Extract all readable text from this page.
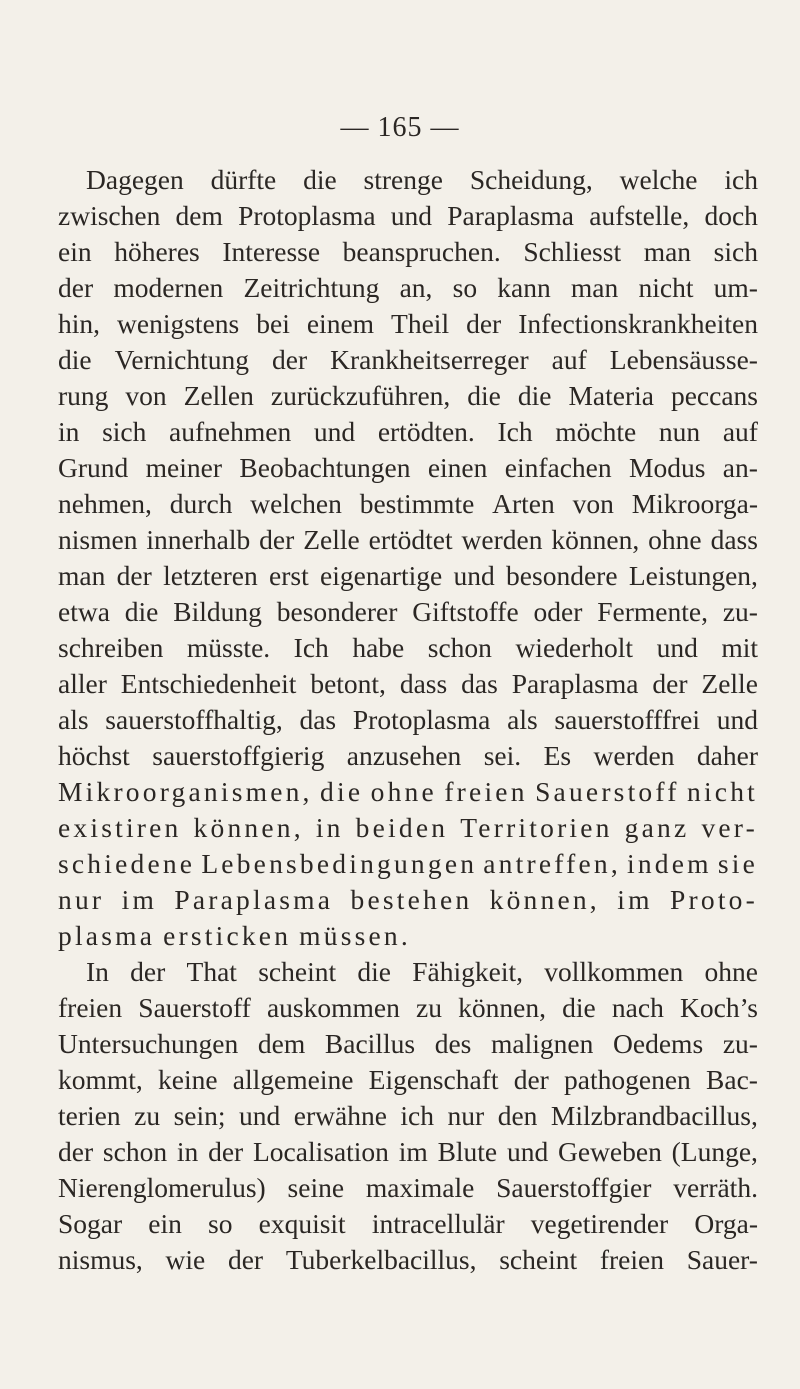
— 165 —
Dagegen dürfte die strenge Scheidung, welche ich
zwischen dem Protoplasma und Paraplasma aufstelle, doch
ein höheres Interesse beanspruchen. Schliesst man sich
der modernen Zeitrichtung an, so kann man nicht um-
hin, wenigstens bei einem Theil der Infectionskrankheiten
die Vernichtung der Krankheitserreger auf Lebensäusse-
rung von Zellen zurückzuführen, die die Materia peccans
in sich aufnehmen und ertödten. Ich möchte nun auf
Grund meiner Beobachtungen einen einfachen Modus an-
nehmen, durch welchen bestimmte Arten von Mikroorga-
nismen innerhalb der Zelle ertödtet werden können, ohne dass
man der letzteren erst eigenartige und besondere Leistungen,
etwa die Bildung besonderer Giftstoffe oder Fermente, zu-
schreiben müsste. Ich habe schon wiederholt und mit
aller Entschiedenheit betont, dass das Paraplasma der Zelle
als sauerstoffhaltig, das Protoplasma als sauerstofffrei und
höchst sauerstoffgierig anzusehen sei. Es werden daher
Mikroorganismen, die ohne freien Sauerstoff nicht
existiren können, in beiden Territorien ganz ver-
schiedene Lebensbedingungen antreffen, indem sie
nur im Paraplasma bestehen können, im Proto-
plasma ersticken müssen.
In der That scheint die Fähigkeit, vollkommen ohne
freien Sauerstoff auskommen zu können, die nach Koch’s
Untersuchungen dem Bacillus des malignen Oedems zu-
kommt, keine allgemeine Eigenschaft der pathogenen Bac-
terien zu sein; und erwähne ich nur den Milzbrandbacillus,
der schon in der Localisation im Blute und Geweben (Lunge,
Nierenglomerulus) seine maximale Sauerstoffgier verräth.
Sogar ein so exquisit intracellulär vegetirender Orga-
nismus, wie der Tuberkelbacillus, scheint freien Sauer-
